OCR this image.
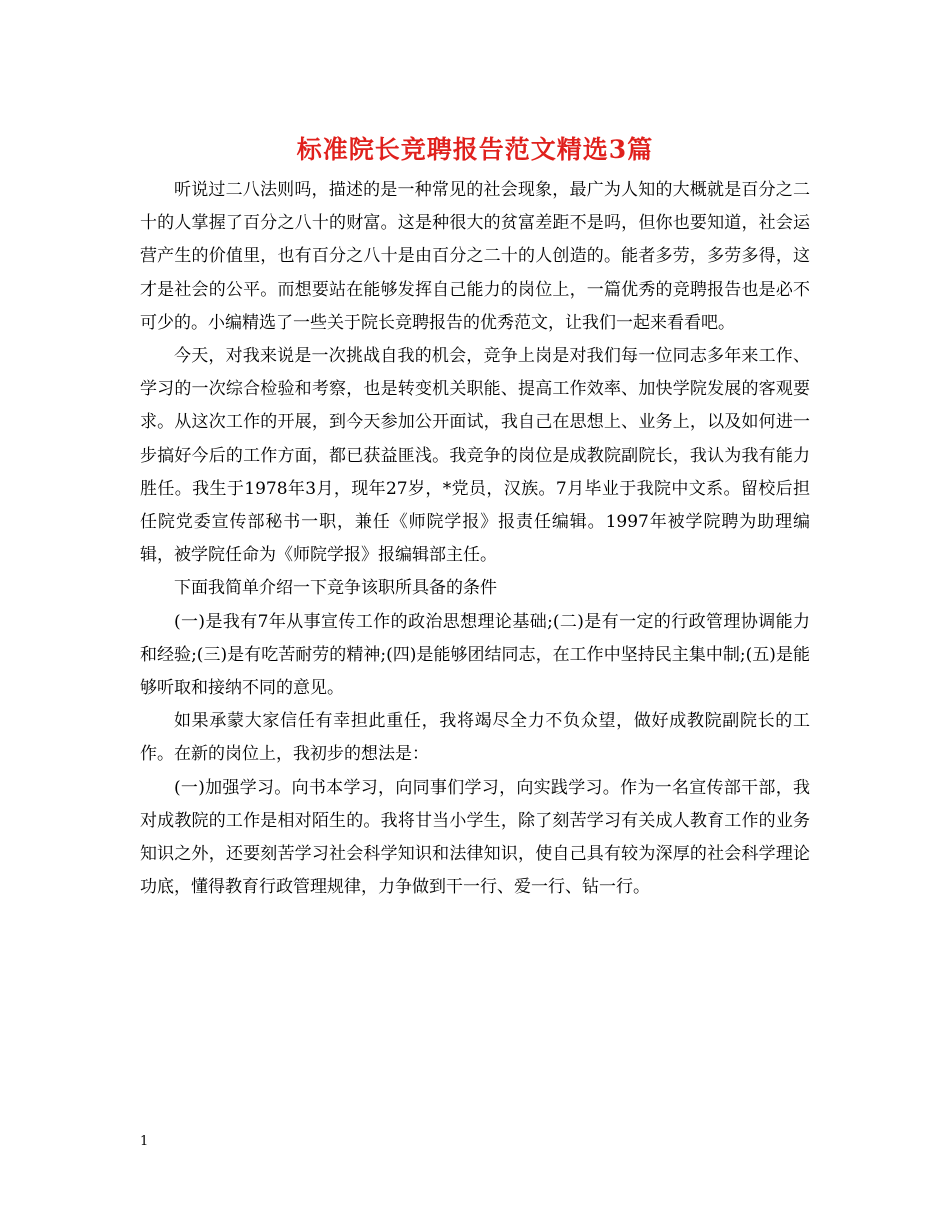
标准院长竞聘报告范文精选3篇

听说过二八法则吗，描述的是一种常见的社会现象，最广为人知的大概就是百分之二十的人掌握了百分之八十的财富。这是种很大的贫富差距不是吗，但你也要知道，社会运营产生的价值里，也有百分之八十是由百分之二十的人创造的。能者多劳，多劳多得，这才是社会的公平。而想要站在能够发挥自己能力的岗位上，一篇优秀的竞聘报告也是必不可少的。小编精选了一些关于院长竞聘报告的优秀范文，让我们一起来看看吧。

今天，对我来说是一次挑战自我的机会，竞争上岗是对我们每一位同志多年来工作、学习的一次综合检验和考察，也是转变机关职能、提高工作效率、加快学院发展的客观要求。从这次工作的开展，到今天参加公开面试，我自己在思想上、业务上，以及如何进一步搞好今后的工作方面，都已获益匪浅。我竞争的岗位是成教院副院长，我认为我有能力胜任。我生于1978年3月，现年27岁，*党员，汉族。7月毕业于我院中文系。留校后担任院党委宣传部秘书一职，兼任《师院学报》报责任编辑。1997年被学院聘为助理编辑，被学院任命为《师院学报》报编辑部主任。

下面我简单介绍一下竞争该职所具备的条件

(一)是我有7年从事宣传工作的政治思想理论基础;(二)是有一定的行政管理协调能力和经验;(三)是有吃苦耐劳的精神;(四)是能够团结同志，在工作中坚持民主集中制;(五)是能够听取和接纳不同的意见。

如果承蒙大家信任有幸担此重任，我将竭尽全力不负众望，做好成教院副院长的工作。在新的岗位上，我初步的想法是：

(一)加强学习。向书本学习，向同事们学习，向实践学习。作为一名宣传部干部，我对成教院的工作是相对陌生的。我将甘当小学生，除了刻苦学习有关成人教育工作的业务知识之外，还要刻苦学习社会科学知识和法律知识，使自己具有较为深厚的社会科学理论功底，懂得教育行政管理规律，力争做到干一行、爱一行、钻一行。

1
